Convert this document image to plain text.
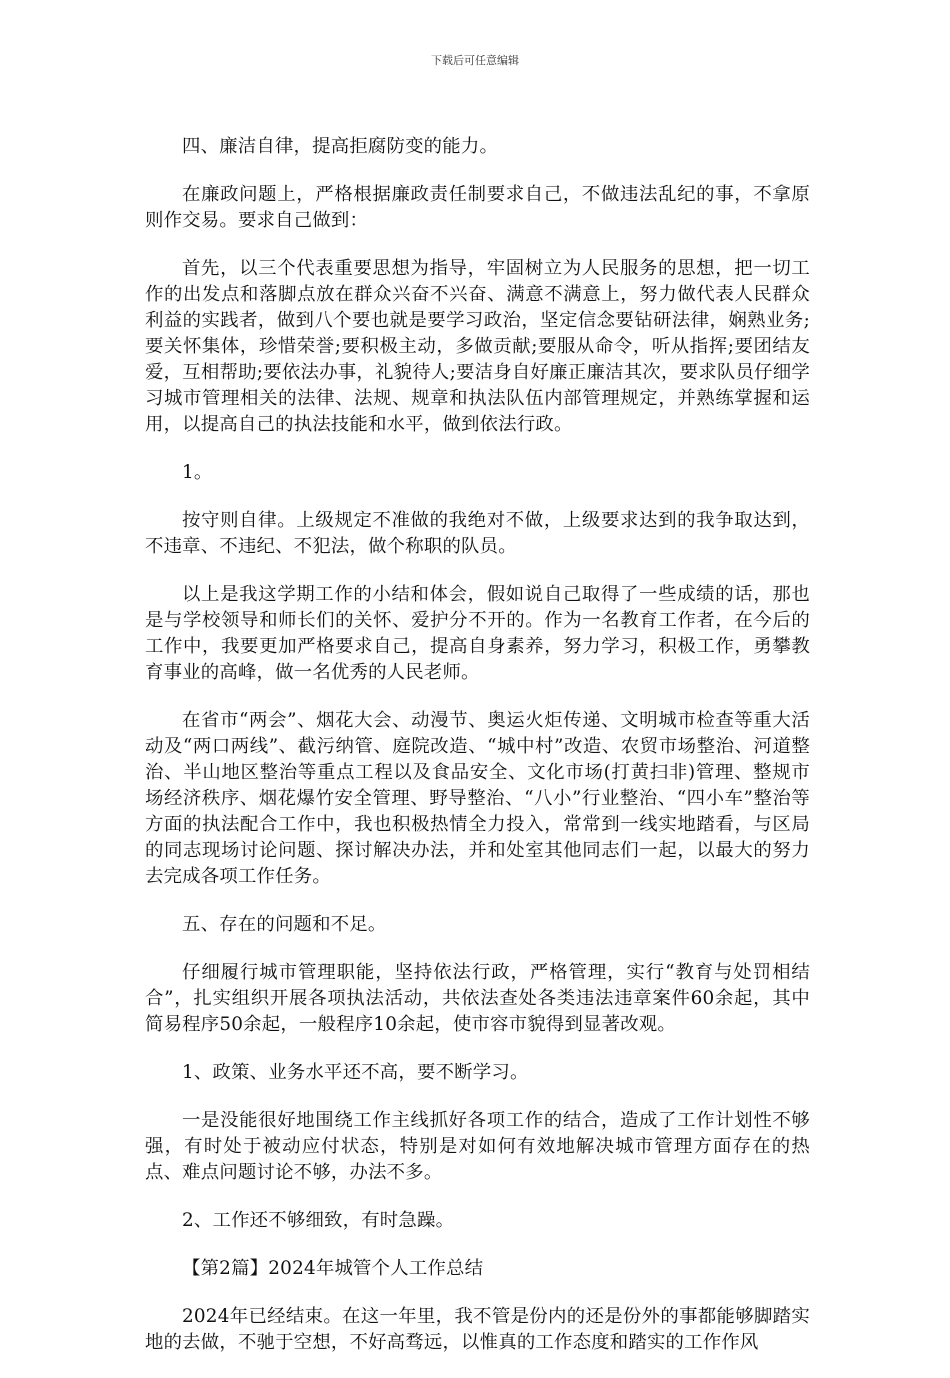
下载后可任意编辑

四、廉洁自律，提高拒腐防变的能力。

在廉政问题上，严格根据廉政责任制要求自己，不做违法乱纪的事，不拿原则作交易。要求自己做到：

首先，以三个代表重要思想为指导，牢固树立为人民服务的思想，把一切工作的出发点和落脚点放在群众兴奋不兴奋、满意不满意上，努力做代表人民群众利益的实践者，做到八个要也就是要学习政治，坚定信念要钻研法律，娴熟业务;要关怀集体，珍惜荣誉;要积极主动，多做贡献;要服从命令，听从指挥;要团结友爱，互相帮助;要依法办事，礼貌待人;要洁身自好廉正廉洁其次，要求队员仔细学习城市管理相关的法律、法规、规章和执法队伍内部管理规定，并熟练掌握和运用，以提高自己的执法技能和水平，做到依法行政。

1。

按守则自律。上级规定不准做的我绝对不做，上级要求达到的我争取达到，不违章、不违纪、不犯法，做个称职的队员。

以上是我这学期工作的小结和体会，假如说自己取得了一些成绩的话，那也是与学校领导和师长们的关怀、爱护分不开的。作为一名教育工作者，在今后的工作中，我要更加严格要求自己，提高自身素养，努力学习，积极工作，勇攀教育事业的高峰，做一名优秀的人民老师。

在省市“两会”、烟花大会、动漫节、奥运火炬传递、文明城市检查等重大活动及“两口两线”、截污纳管、庭院改造、“城中村”改造、农贸市场整治、河道整治、半山地区整治等重点工程以及食品安全、文化市场(打黄扫非)管理、整规市场经济秩序、烟花爆竹安全管理、野导整治、“八小”行业整治、“四小车”整治等方面的执法配合工作中，我也积极热情全力投入，常常到一线实地踏看，与区局的同志现场讨论问题、探讨解决办法，并和处室其他同志们一起，以最大的努力去完成各项工作任务。

五、存在的问题和不足。

仔细履行城市管理职能，坚持依法行政，严格管理，实行“教育与处罚相结合”，扎实组织开展各项执法活动，共依法查处各类违法违章案件60余起，其中简易程序50余起，一般程序10余起，使市容市貌得到显著改观。

1、政策、业务水平还不高，要不断学习。

一是没能很好地围绕工作主线抓好各项工作的结合，造成了工作计划性不够强，有时处于被动应付状态，特别是对如何有效地解决城市管理方面存在的热点、难点问题讨论不够，办法不多。

2、工作还不够细致，有时急躁。

【第2篇】2024年城管个人工作总结

2024年已经结束。在这一年里，我不管是份内的还是份外的事都能够脚踏实地的去做，不驰于空想，不好高骛远，以惟真的工作态度和踏实的工作作风
